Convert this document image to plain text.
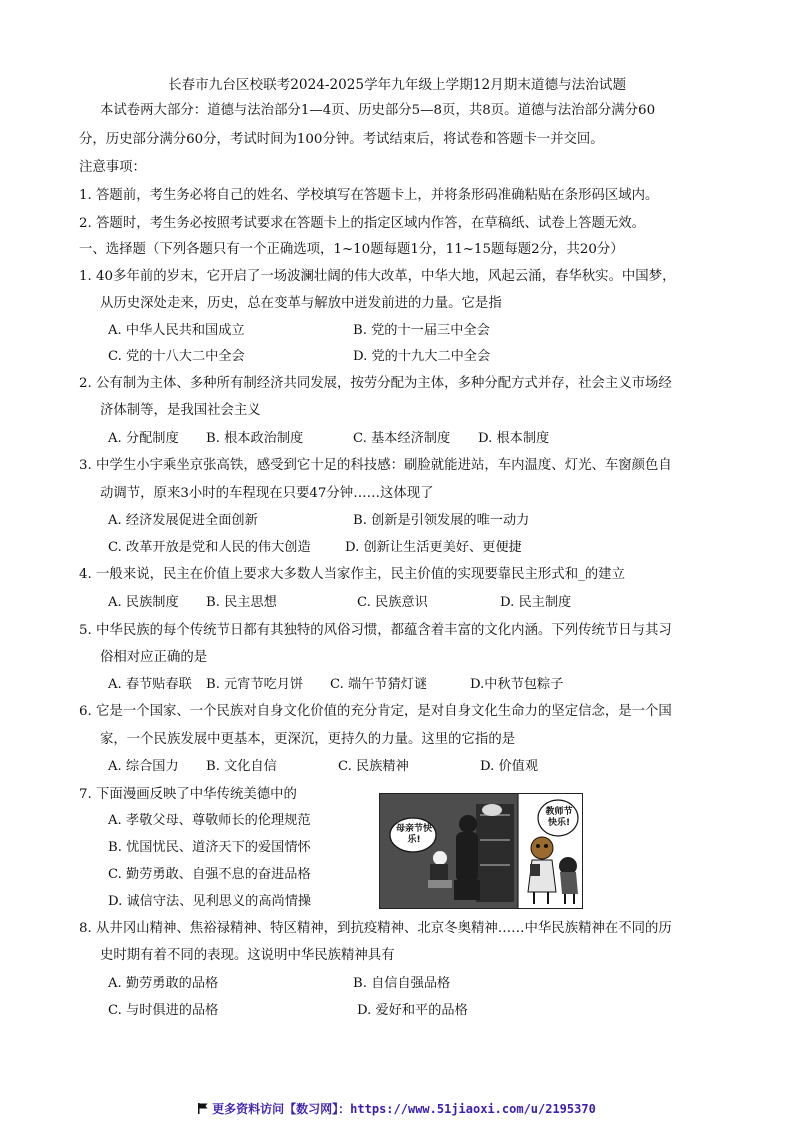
长春市九台区校联考2024-2025学年九年级上学期12月期末道德与法治试题
本试卷两大部分：道德与法治部分1—4页、历史部分5—8页，共8页。道德与法治部分满分60
分，历史部分满分60分，考试时间为100分钟。考试结束后，将试卷和答题卡一并交回。
注意事项：
1. 答题前，考生务必将自己的姓名、学校填写在答题卡上，并将条形码准确粘贴在条形码区域内。
2. 答题时，考生务必按照考试要求在答题卡上的指定区域内作答，在草稿纸、试卷上答题无效。
一、选择题（下列各题只有一个正确选项，1~10题每题1分，11~15题每题2分，共20分）
1. 40多年前的岁末，它开启了一场波澜壮阔的伟大改革，中华大地，风起云涌，春华秋实。中国梦，
从历史深处走来，历史，总在变革与解放中迸发前进的力量。它是指
A. 中华人民共和国成立	B. 党的十一届三中全会
C. 党的十八大二中全会	D. 党的十九大二中全会
2. 公有制为主体、多种所有制经济共同发展，按劳分配为主体，多种分配方式并存，社会主义市场经
济体制等，是我国社会主义
A. 分配制度 B. 根本政治制度	C. 基本经济制度 D. 根本制度
3. 中学生小宇乘坐京张高铁，感受到它十足的科技感：刷脸就能进站，车内温度、灯光、车窗颜色自
动调节，原来3小时的车程现在只要47分钟……这体现了
A. 经济发展促进全面创新	B. 创新是引领发展的唯一动力
C. 改革开放是党和人民的伟大创造	D. 创新让生活更美好、更便捷
4. 一般来说，民主在价值上要求大多数人当家作主，民主价值的实现要靠民主形式和_的建立
A. 民族制度 B. 民主思想	C. 民族意识	D. 民主制度
5. 中华民族的每个传统节日都有其独特的风俗习惯，都蕴含着丰富的文化内涵。下列传统节日与其习
俗相对应正确的是
A. 春节贴春联 B. 元宵节吃月饼 C. 端午节猜灯谜	D.中秋节包粽子
6. 它是一个国家、一个民族对自身文化价值的充分肯定，是对自身文化生命力的坚定信念，是一个国
家，一个民族发展中更基本，更深沉，更持久的力量。这里的它指的是
A. 综合国力 B. 文化自信	C. 民族精神	D. 价值观
7. 下面漫画反映了中华传统美德中的
A. 孝敬父母、尊敬师长的伦理规范
B. 忧国忧民、道济天下的爱国情怀
C. 勤劳勇敢、自强不息的奋进品格
D. 诚信守法、见利思义的高尚情操
母亲节快乐!
教师节快乐!
8. 从井冈山精神、焦裕禄精神、特区精神，到抗疫精神、北京冬奥精神……中华民族精神在不同的历
史时期有着不同的表现。这说明中华民族精神具有
A. 勤劳勇敢的品格	B. 自信自强品格
C. 与时俱进的品格	D. 爱好和平的品格
更多资料访问【数习网】：https://www.51jiaoxi.com/u/2195370
